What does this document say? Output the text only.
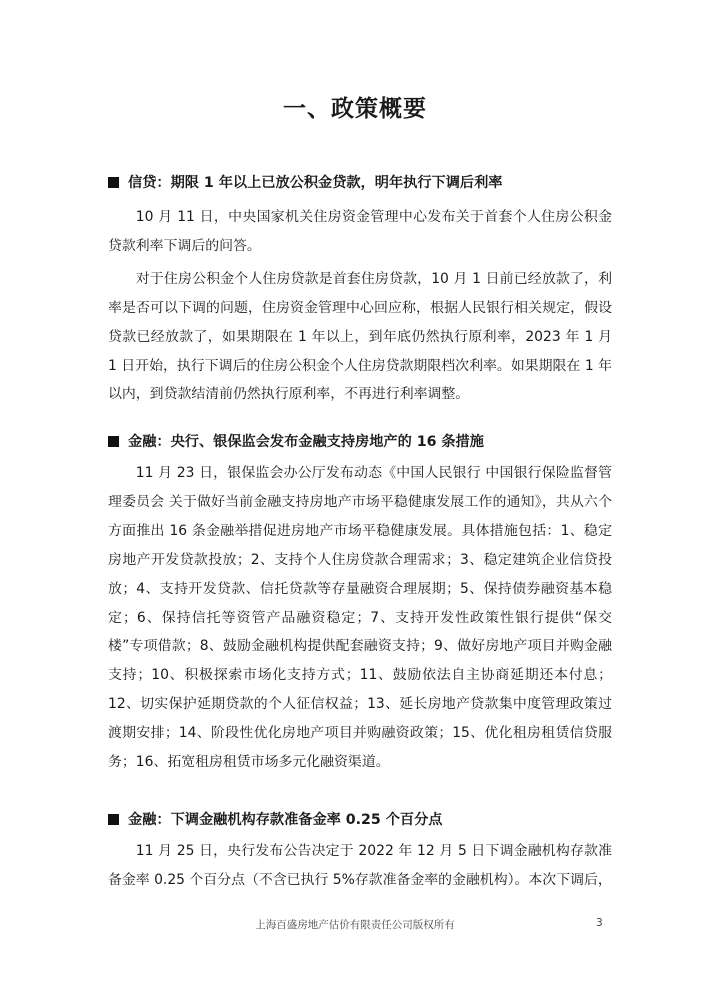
一、政策概要
信贷：期限 1 年以上已放公积金贷款，明年执行下调后利率

10 月 11 日，中央国家机关住房资金管理中心发布关于首套个人住房公积金贷款利率下调后的问答。

对于住房公积金个人住房贷款是首套住房贷款，10 月 1 日前已经放款了，利率是否可以下调的问题，住房资金管理中心回应称，根据人民银行相关规定，假设贷款已经放款了，如果期限在 1 年以上，到年底仍然执行原利率，2023 年 1 月 1 日开始，执行下调后的住房公积金个人住房贷款期限档次利率。如果期限在 1 年以内，到贷款结清前仍然执行原利率，不再进行利率调整。

金融：央行、银保监会发布金融支持房地产的 16 条措施

11 月 23 日，银保监会办公厅发布动态《中国人民银行 中国银行保险监督管理委员会 关于做好当前金融支持房地产市场平稳健康发展工作的通知》，共从六个方面推出 16 条金融举措促进房地产市场平稳健康发展。具体措施包括：1、稳定房地产开发贷款投放；2、支持个人住房贷款合理需求；3、稳定建筑企业信贷投放；4、支持开发贷款、信托贷款等存量融资合理展期；5、保持债券融资基本稳定；6、保持信托等资管产品融资稳定；7、支持开发性政策性银行提供“保交楼”专项借款；8、鼓励金融机构提供配套融资支持；9、做好房地产项目并购金融支持；10、积极探索市场化支持方式；11、鼓励依法自主协商延期还本付息；12、切实保护延期贷款的个人征信权益；13、延长房地产贷款集中度管理政策过渡期安排；14、阶段性优化房地产项目并购融资政策；15、优化租房租赁信贷服务；16、拓宽租房租赁市场多元化融资渠道。

金融：下调金融机构存款准备金率 0.25 个百分点

11 月 25 日，央行发布公告决定于 2022 年 12 月 5 日下调金融机构存款准备金率 0.25 个百分点（不含已执行 5%存款准备金率的金融机构）。本次下调后，

上海百盛房地产估价有限责任公司版权所有	3
